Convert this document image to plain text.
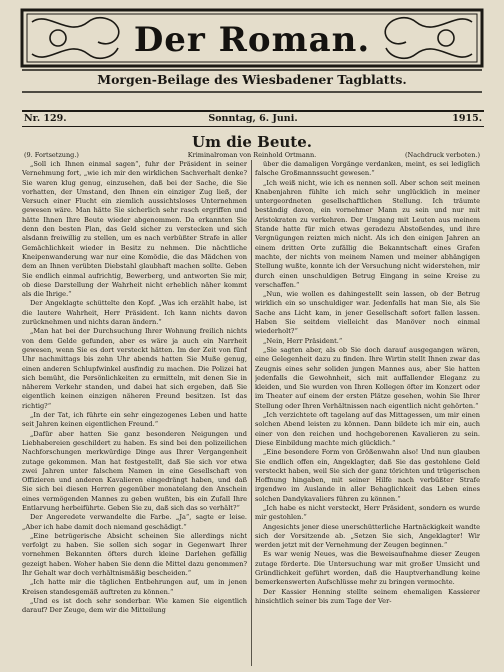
Der Roman.
Morgen-Beilage des Wiesbadener Tagblatts.
Nr. 129.	Sonntag, 6. Juni.	1915.
Um die Beute.
(9. Fortsetzung.)	Kriminalroman von Reinhold Ortmann.	(Nachdruck verboten.)

„Soll ich Ihnen einmal sagen“, fuhr der Präsident in seiner Vernehmung fort, „wie ich mir den wirklichen Sachverhalt denke? Sie waren klug genug, einzusehen, daß bei der Sache, die Sie vorhatten, der Umstand, den Ihnen ein einziger Zug ließ, der Versuch einer Flucht ein ziemlich aussichtsloses Unternehmen gewesen wäre. Man hätte Sie sicherlich sehr rasch ergriffen und hätte Ihnen Ihre Beute wieder abgenommen. Da erkannten Sie denn den besten Plan, das Geld sicher zu verstecken und sich alsdann freiwillig zu stellen, um es nach verbüßter Strafe in aller Gemächlichkeit wieder in Besitz zu nehmen. Die nächtliche Kneipenwanderung war nur eine Komödie, die das Mädchen von dem an Ihnen verübten Diebstahl glaubhaft machen sollte. Geben Sie endlich einmal aufrichtig, Bewerberg, und antworten Sie mir, ob diese Darstellung der Wahrheit nicht erheblich näher kommt als die Ihrige.“

Der Angeklagte schüttelte den Kopf. „Was ich erzählt habe, ist die lautere Wahrheit, Herr Präsident. Ich kann nichts davon zurücknehmen und nichts daran ändern.“

„Man hat bei der Durchsuchung Ihrer Wohnung freilich nichts von dem Gelde gefunden, aber es wäre ja auch ein Narrheit gewesen, wenn Sie es dort versteckt hätten. Im der Zeit von fünf Uhr nachmittags bis zehn Uhr abends hatten Sie Muße genug, einen anderen Schlupfwinkel ausfindig zu machen. Die Polizei hat sich bemüht, die Persönlichkeiten zu ermitteln, mit denen Sie in näherem Verkehr standen, und dabei hat sich ergeben, daß Sie eigentlich keinen einzigen näheren Freund besitzen. Ist das richtig?“

„In der Tat, ich führte ein sehr eingezogenes Leben und hatte seit Jahren keinen eigentlichen Freund.“

„Dafür aber hatten Sie ganz besonderen Neigungen und Liebhabereien geschildert zu haben. Es sind bei den polizeilichen Nachforschungen merkwürdige Dinge aus Ihrer Vergangenheit zutage gekommen. Man hat festgestellt, daß Sie sich vor etwa zwei Jahren unter falschem Namen in eine Gesellschaft von Offizieren und anderen Kavalieren eingedrängt haben, und daß Sie sich bei diesen Herren gegenüber monatelang den Anschein eines vermögenden Mannes zu geben wußten, bis ein Zufall Ihre Entlarvung herbeiführte. Geben Sie zu, daß sich das so verhält?“

Der Angeredete verwandelte die Farbe. „Ja“, sagte er leise. „Aber ich habe damit doch niemand geschädigt.“

„Eine betrügerische Absicht scheinen Sie allerdings nicht verfolgt zu haben. Sie sollen sich sogar in Gegenwart Ihrer vornehmen Bekannten öfters durch kleine Darlehen gefällig gezeigt haben. Woher haben Sie denn die Mittel dazu genommen? Ihr Gehalt war doch verhältnismäßig bescheiden.“

„Ich hatte mir die täglichen Entbehrungen auf, um in jenen Kreisen standesgemäß auftreten zu können.“

„Und es ist doch sehr sonderbar. Wie kamen Sie eigentlich darauf? Der Zeuge, dem wir die Mitteilung

über die damaligen Vorgänge verdanken, meint, es sei lediglich falsche Großmannssucht gewesen.“

„Ich weiß nicht, wie ich es nennen soll. Aber schon seit meinen Knabenjahren fühlte ich mich sehr unglücklich in meiner untergeordneten gesellschaftlichen Stellung. Ich träumte beständig davon, ein vornehmer Mann zu sein und nur mit Aristokraten zu verkehren. Der Umgang mit Leuten aus meinem Stande hatte für mich etwas geradezu Abstoßendes, und ihre Vergnügungen reizten mich nicht. Als ich den einigen Jahren an einem dritten Orte zufällig die Bekanntschaft eines Grafen machte, der nichts von meinem Namen und meiner abhängigen Stellung wußte, konnte ich der Versuchung nicht widerstehen, mir durch einen unschuldigen Betrug Eingang in seine Kreise zu verschaffen.“

„Nun, wie wollen es dahingestellt sein lassen, ob der Betrug wirklich ein so unschuldiger war. Jedenfalls hat man Sie, als Sie Sache ans Licht kam, in jener Gesellschaft sofort fallen lassen. Haben Sie seitdem vielleicht das Manöver noch einmal wiederholt?“

„Nein, Herr Präsident.“

„Sie sagten aber, als ob Sie doch darauf ausgegangen wären, eine Gelegenheit dazu zu finden. Ihre Wirtin stellt Ihnen zwar das Zeugnis eines sehr soliden jungen Mannes aus, aber Sie hatten jedenfalls die Gewohnheit, sich mit auffallender Eleganz zu kleiden, und Sie wurden von Ihren Kollegen öfter im Konzert oder im Theater auf einem der ersten Plätze gesehen, wohin Sie Ihrer Stellung oder Ihren Verhältnissen nach eigentlich nicht gehörten.“

„Ich verzichtete oft tagelang auf das Mittagessen, um mir einen solchen Abend leisten zu können. Dann bildete ich mir ein, auch einer von den reichen und hochgeborenen Kavalieren zu sein. Diese Einbildung machte mich glücklich.“

„Eine besondere Form von Größenwahn also! Und nun glauben Sie endlich offen ein, Angeklagter, daß Sie das gestohlene Geld versteckt haben, weil Sie sich der ganz törichten und trügerischen Hoffnung hingaben, mit seiner Hilfe nach verbüßter Strafe irgendwo im Auslande in aller Behaglichkeit das Leben eines solchen Dandykavaliers führen zu können.“

„Ich habe es nicht versteckt, Herr Präsident, sondern es wurde mir gestohlen.“

Angesichts jener diese unerschütterliche Hartnäckigkeit wandte sich der Vorsitzende ab. „Setzen Sie sich, Angeklagter! Wir werden jetzt mit der Vernehmung der Zeugen beginnen.“

Es war wenig Neues, was die Beweisaufnahme dieser Zeugen zutage förderte. Die Untersuchung war mit großer Umsicht und Gründlichkeit geführt worden, daß die Hauptverhandlung keine bemerkenswerten Aufschlüsse mehr zu bringen vermochte.

Der Kassier Henning stellte seinem ehemaligen Kassierer hinsichtlich seiner bis zum Tage der Ver-
